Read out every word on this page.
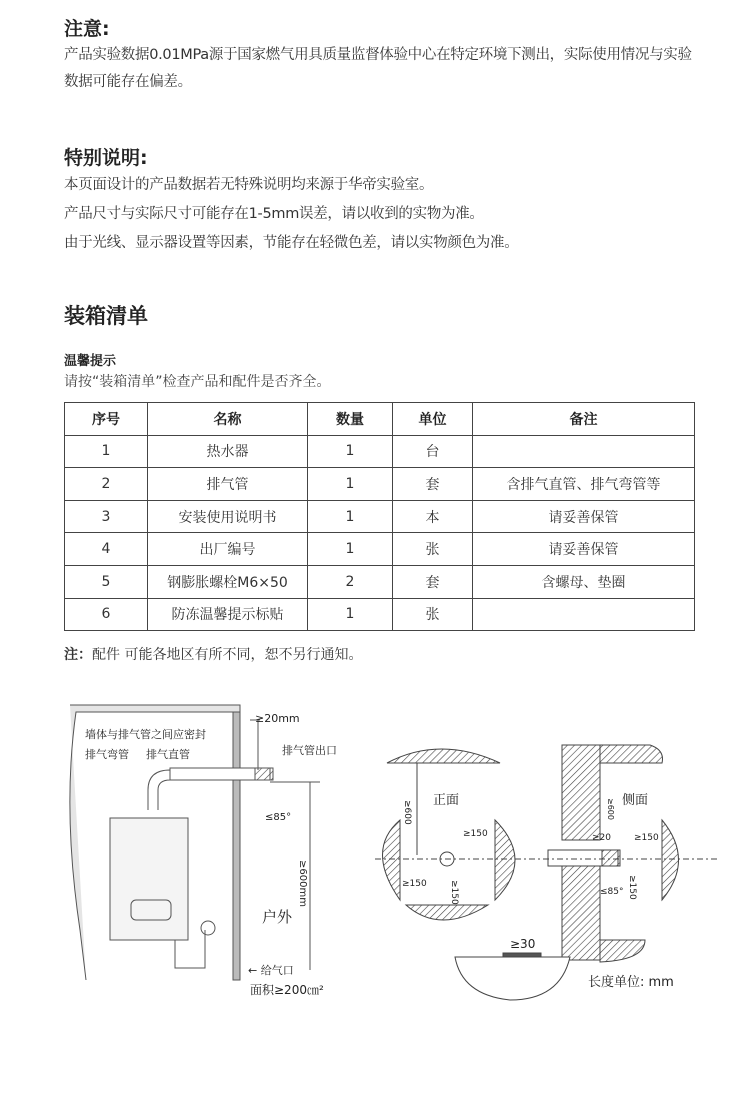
注意:
产品实验数据0.01MPa源于国家燃气用具质量监督体验中心在特定环境下测出，实际使用情况与实验数据可能存在偏差。
特别说明:
本页面设计的产品数据若无特殊说明均来源于华帝实验室。
产品尺寸与实际尺寸可能存在1-5mm误差，请以收到的实物为准。
由于光线、显示器设置等因素，节能存在轻微色差，请以实物颜色为准。
装箱清单
温馨提示
请按“装箱清单”检查产品和配件是否齐全。
序号	名称	数量	单位	备注
1	热水器	1	台	
2	排气管	1	套	含排气直管、排气弯管等
3	安装使用说明书	1	本	请妥善保管
4	出厂编号	1	张	请妥善保管
5	钢膨胀螺栓M6×50	2	套	含螺母、垫圈
6	防冻温馨提示标贴	1	张	
注：配件 可能各地区有所不同，恕不另行通知。
≥20mm
墙体与排气管之间应密封
排气弯管 排气直管	排气管出口
≤85°
≥600mm
户外
← 给气口
面积≥200㎝²
正面	侧面
≥600
≥150
≥150 ≥150
≥600
≥20	≥150
≥150
≤85°
≥30
长度单位: mm
